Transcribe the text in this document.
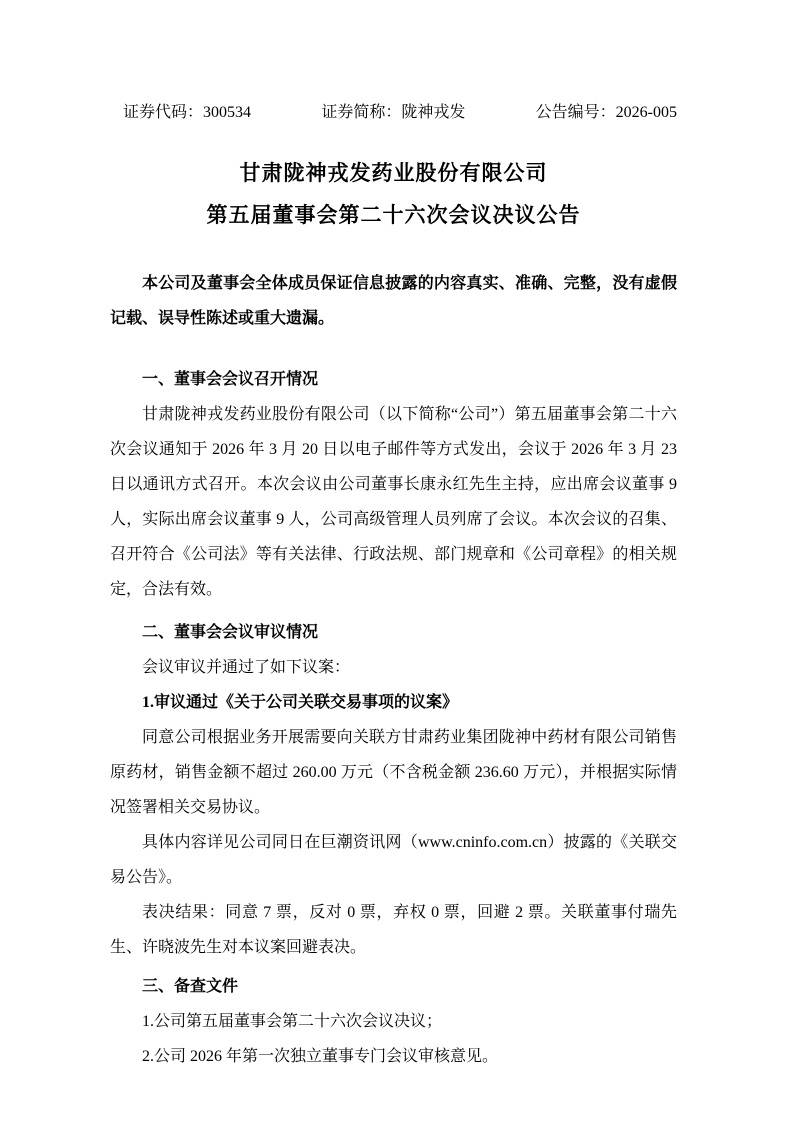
证券代码：300534	证券简称：陇神戎发	公告编号：2026-005
甘肃陇神戎发药业股份有限公司
第五届董事会第二十六次会议决议公告

本公司及董事会全体成员保证信息披露的内容真实、准确、完整，没有虚假记载、误导性陈述或重大遗漏。

一、董事会会议召开情况

甘肃陇神戎发药业股份有限公司（以下简称“公司”）第五届董事会第二十六次会议通知于 2026 年 3 月 20 日以电子邮件等方式发出，会议于 2026 年 3 月 23 日以通讯方式召开。本次会议由公司董事长康永红先生主持，应出席会议董事 9 人，实际出席会议董事 9 人，公司高级管理人员列席了会议。本次会议的召集、召开符合《公司法》等有关法律、行政法规、部门规章和《公司章程》的相关规定，合法有效。

二、董事会会议审议情况

会议审议并通过了如下议案：

1.审议通过《关于公司关联交易事项的议案》

同意公司根据业务开展需要向关联方甘肃药业集团陇神中药材有限公司销售原药材，销售金额不超过 260.00 万元（不含税金额 236.60 万元），并根据实际情况签署相关交易协议。

具体内容详见公司同日在巨潮资讯网（www.cninfo.com.cn）披露的《关联交易公告》。

表决结果：同意 7 票，反对 0 票，弃权 0 票，回避 2 票。关联董事付瑞先生、许晓波先生对本议案回避表决。

三、备查文件

1.公司第五届董事会第二十六次会议决议；

2.公司 2026 年第一次独立董事专门会议审核意见。
